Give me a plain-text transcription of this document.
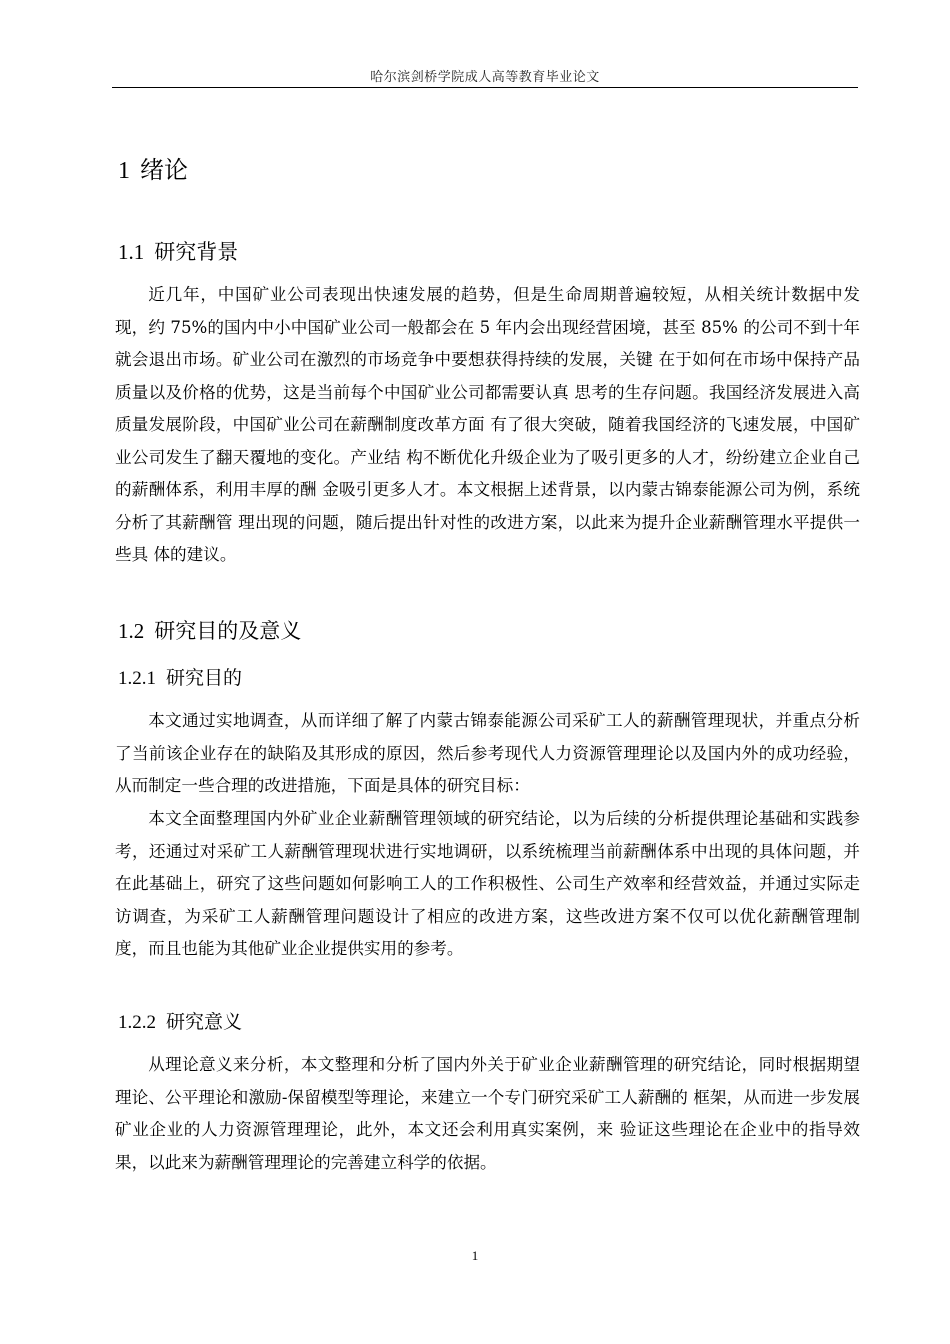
哈尔滨剑桥学院成人高等教育毕业论文
1 绪论
1.1 研究背景

近几年，中国矿业公司表现出快速发展的趋势，但是生命周期普遍较短，从相关统计数据中发现，约 75%的国内中小中国矿业公司一般都会在 5 年内会出现经营困境，甚至 85% 的公司不到十年就会退出市场。矿业公司在激烈的市场竞争中要想获得持续的发展，关键 在于如何在市场中保持产品质量以及价格的优势，这是当前每个中国矿业公司都需要认真 思考的生存问题。我国经济发展进入高质量发展阶段，中国矿业公司在薪酬制度改革方面 有了很大突破，随着我国经济的飞速发展，中国矿业公司发生了翻天覆地的变化。产业结 构不断优化升级企业为了吸引更多的人才，纷纷建立企业自己的薪酬体系，利用丰厚的酬 金吸引更多人才。本文根据上述背景，以内蒙古锦泰能源公司为例，系统分析了其薪酬管 理出现的问题，随后提出针对性的改进方案，以此来为提升企业薪酬管理水平提供一些具 体的建议。

1.2 研究目的及意义
1.2.1 研究目的

本文通过实地调查，从而详细了解了内蒙古锦泰能源公司采矿工人的薪酬管理现状，并重点分析了当前该企业存在的缺陷及其形成的原因，然后参考现代人力资源管理理论以及国内外的成功经验，从而制定一些合理的改进措施，下面是具体的研究目标：

本文全面整理国内外矿业企业薪酬管理领域的研究结论，以为后续的分析提供理论基础和实践参考，还通过对采矿工人薪酬管理现状进行实地调研，以系统梳理当前薪酬体系中出现的具体问题，并在此基础上，研究了这些问题如何影响工人的工作积极性、公司生产效率和经营效益，并通过实际走访调查，为采矿工人薪酬管理问题设计了相应的改进方案，这些改进方案不仅可以优化薪酬管理制度，而且也能为其他矿业企业提供实用的参考。

1.2.2 研究意义

从理论意义来分析，本文整理和分析了国内外关于矿业企业薪酬管理的研究结论，同时根据期望理论、公平理论和激励-保留模型等理论，来建立一个专门研究采矿工人薪酬的 框架，从而进一步发展矿业企业的人力资源管理理论，此外，本文还会利用真实案例，来 验证这些理论在企业中的指导效果，以此来为薪酬管理理论的完善建立科学的依据。

1
